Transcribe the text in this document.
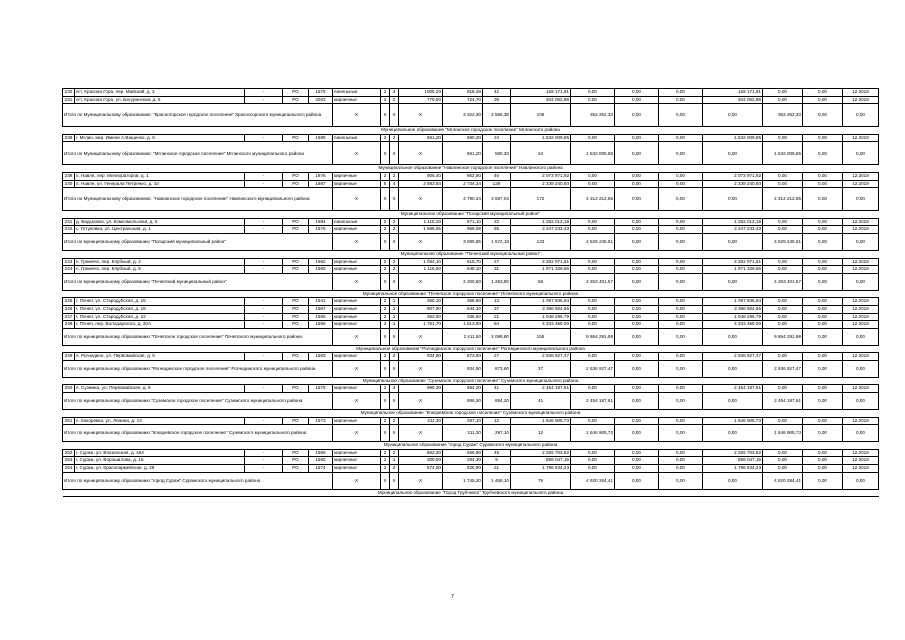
230	пгт. Красная Гора, пер. Майский, д. 3	-	РО	1976	панельные	2	3	1006,20	918,48	42	159 171,91	0,00	0,00	0,00	159 171,91	0,00	0,00	12.2018
231	пгт. Красная Гора, ул. Батуринская, д. 6	-	РО	2003	кирпичные	2	2	779,50	724,70	38	204 062,88	0,00	0,00	0,00	204 062,88	0,00	0,00	12.2018
Итого по Муниципальному образованию: "Красногорское городское поселение" Красногорского муниципального района					X	X	X	X	3 322,30	2 566,38	106	352 262,33	0,00	0,00	0,00	352 262,33	0,00	0,00
Муниципальное образование "Мглинское городское поселение" Мглинского района																		
238	г. Мглин, мкр. Имени А.Ващенко, д. 6	-	РО	1985	панельные	2	2	661,20	590,20	24	1 532 009,85	0,00	0,00	0,00	1 532 009,85	0,00	0,00	12.2018
Итого по Муниципальному образованию: "Мглинское городское поселение" Мглинского муниципального района					X	X	X	X	661,20	590,20	24	1 532 009,85	0,00	0,00	0,00	1 532 009,85	0,00	0,00
Муниципальное образование "Навлинское городское поселение" Навлинского района																		
239	п. Навля, пер. Мелиораторов, д. 1	-	РО	1976	кирпичные	2	2	906,40	862,80	46	2 073 971,92	0,00	0,00	0,00	2 073 971,92	0,00	0,00	12.2018
240	п. Навля, ул. Генерала Петренко, д. 10	-	РО	1987	кирпичные	5	4	3 883,84	2 734,24	126	2 238 240,93	0,00	0,00	0,00	2 238 240,93	0,00	0,00	12.2018
Итого по Муниципальному образованию: "Навлинское городское поселение" Навлинского муниципального района					X	X	X	X	4 790,24	3 597,04	172	4 312 212,85	0,00	0,00	0,00	4 312 212,85	0,00	0,00
Муниципальное образование "Погарский муниципальный район"																		
241	д. Вадьковка, ул. Комсомольская, д. 5	-	РО	1984	панельные	2	2	1 115,20	571,10	32	1 282 012,18	0,00	0,00	0,00	1 282 012,18	0,00	0,00	12.2018
242	с. Гетуновка, ул. Центральная, д. 1	-	РО	1975	кирпичные	2	2	1 965,65	966,08	95	3 247 233,43	0,00	0,00	0,00	3 247 233,43	0,00	0,00	12.2018
Итого по муниципальному образованию "Погарский муниципальный район"					X	X	X	X	3 080,85	1 572,18	133	4 529 245,61	0,00	0,00	0,00	4 529 245,61	0,00	0,00
Муниципальное образование "Почепский муниципальный район"																		
243	п. Гремяче, пер. Клубный, д. 2	-	РО	1962	кирпичные	2	2	1 084,10	615,70	27	2 282 071,91	0,00	0,00	0,00	2 282 071,91	0,00	0,00	12.2018
244	п. Гремяче, пер. Клубный, д. 5	-	РО	1960	кирпичные	2	2	1 116,50	648,10	31	1 971 329,66	0,00	0,00	0,00	1 971 329,66	0,00	0,00	12.2018
Итого по муниципальному образованию "Почепский муниципальный район"					X	X	X	X	2 200,60	1 263,80	58	4 253 401,57	0,00	0,00	0,00	4 253 401,57	0,00	0,00
Муниципальное образование "Почепское городское поселение" Почепского муниципального района																		
245	г. Почеп, ул. Стародубская, д. 15	-	РО	1941	кирпичные	2	1	366,10	368,60	13	1 097 935,54	0,00	0,00	0,00	1 097 935,54	0,00	0,00	12.2018
246	г. Почеп, ул. Стародубская, д. 18	-	РО	1967	кирпичные	2	1	907,90	644,10	37	3 386 604,65	0,00	0,00	0,00	3 386 604,65	0,00	0,00	12.2018
247	г. Почеп, ул. Стародубская, д. 22	-	РО	1955	кирпичные	2	1	363,60	335,60	21	1 048 296,79	0,00	0,00	0,00	1 048 296,79	0,00	0,00	12.2018
248	г. Почеп, пер. Володарского, д. 20А	-	РО	1986	кирпичные	3	1	1 751,70	1 513,50	84	4 333 455,00	0,00	0,00	0,00	4 333 455,00	0,00	0,00	12.2018
Итого по муниципальному образованию "Почепское городское поселение" Почепского муниципального района					X	X	X	X	2 411,50	3 099,80	155	9 864 291,98	0,00	0,00	0,00	9 864 291,98	0,00	0,00
Муниципальное образование "Рогнединское городское поселение" Рогнединского муниципального района																		
249	п. Рогнедино, ул. Первомайская, д. 9	-	РО	1983	кирпичные	2	2	934,90	873,60	27	2 636 927,47	0,00	0,00	0,00	2 636 927,47	0,00	0,00	12.2018
Итого по муниципальному образованию "Рогнединское городское поселение" Рогнединского муниципального района					X	X	X	X	934,90	873,60	27	2 636 927,47	0,00	0,00	0,00	2 636 927,47	0,00	0,00
Муниципальное образование "Суземское городское поселение" Суземского муниципального района																		
250	п. Суземка, ул. Первомайская, д. 8	-	РО	1976	кирпичные	2	3	996,30	894,20	41	2 454 187,61	0,00	0,00	0,00	2 454 187,61	0,00	0,00	12.2018
Итого по муниципальному образованию "Суземское городское поселение" Суземского муниципального района					X	X	X	X	996,30	894,20	41	2 454 187,61	0,00	0,00	0,00	2 454 187,61	0,00	0,00
Муниципальное образование "Кокоревское городское поселение" Суземского муниципального района																		
251	п. Кокоревка, ул. Ленина, д. 13	-	РО	1973	кирпичные	2	2	311,30	297,10	12	1 646 905,73	0,00	0,00	0,00	1 646 905,73	0,00	0,00	12.2018
Итого по муниципальному образованию "Кокоревское городское поселение" Суземского муниципального района					X	X	X	X	311,30	297,10	12	1 646 905,73	0,00	0,00	0,00	1 646 905,73	0,00	0,00
Муниципальное образование "город Сураж" Суражского муниципального района																		
252	г. Сураж, ул. Вокзальная, д. 46А	-	РО	1968	кирпичные	2	2	862,20	656,90	49	2 255 703,82	0,00	0,00	0,00	2 255 703,82	0,00	0,00	12.2018
253	г. Сураж, ул. Ворошилова, д. 15	-	РО	1960	кирпичные	2	1	309,00	284,30	9	858 047,15	0,00	0,00	0,00	858 047,15	0,00	0,00	12.2018
254	г. Сураж, ул. Красноармейская, д. 28	-	РО	1974	кирпичные	2	2	574,00	526,90	21	1 796 534,23	0,00	0,00	0,00	1 796 534,23	0,00	0,00	12.2018
Итого по муниципальному образованию "город Сураж" Суражского муниципального района					X	X	X	X	1 745,20	1 468,10	79	4 920 284,41	0,00	0,00	0,00	4 920 284,41	0,00	0,00
Муниципальное образование "Город Трубчевск" Трубчевского муниципального района																		
7
